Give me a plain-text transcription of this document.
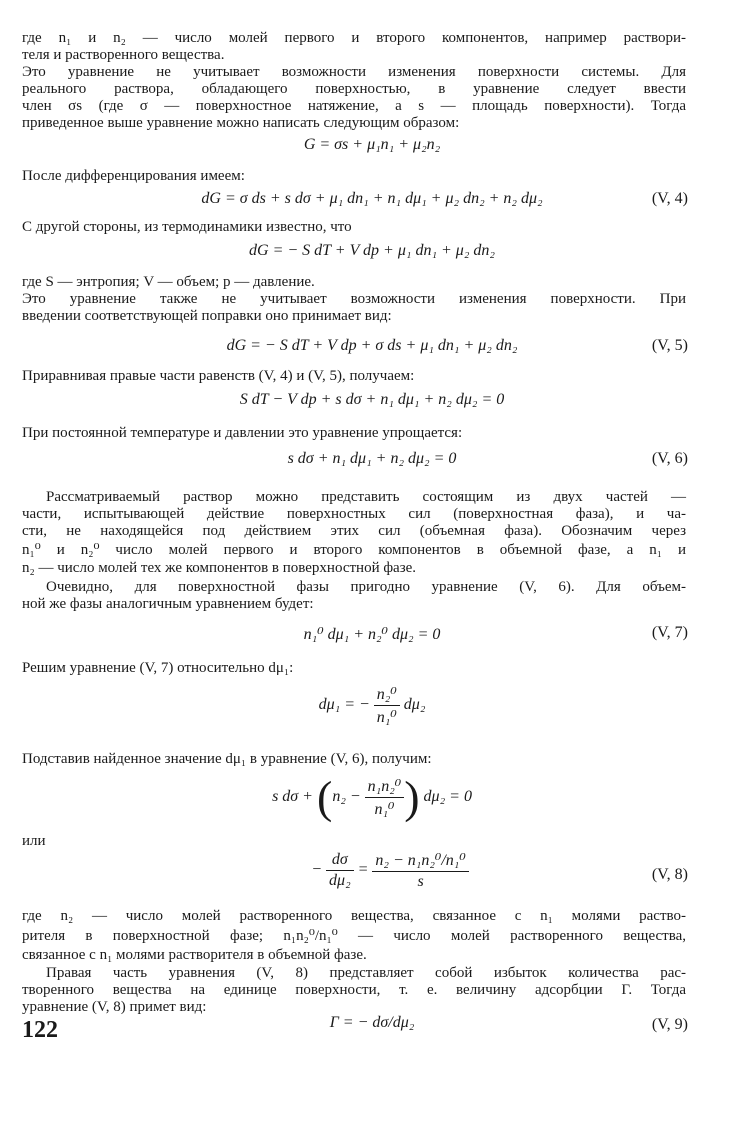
где n₁ и n₂ — число молей первого и второго компонентов, например раствори-
теля и растворенного вещества.
Это уравнение не учитывает возможности изменения поверхности системы. Для
реального раствора, обладающего поверхностью, в уравнение следует ввести
член σs (где σ — поверхностное натяжение, а s — площадь поверхности). Тогда
приведенное выше уравнение можно написать следующим образом:
G = σs + μ₁n₁ + μ₂n₂
После дифференцирования имеем:
dG = σ ds + s dσ + μ₁ dn₁ + n₁ dμ₁ + μ₂ dn₂ + n₂ dμ₂	(V, 4)
С другой стороны, из термодинамики известно, что
dG = − S dT + V dp + μ₁ dn₁ + μ₂ dn₂
где S — энтропия; V — объем; p — давление.
Это уравнение также не учитывает возможности изменения поверхности. При
введении соответствующей поправки оно принимает вид:
dG = − S dT + V dp + σ ds + μ₁ dn₁ + μ₂ dn₂	(V, 5)
Приравнивая правые части равенств (V, 4) и (V, 5), получаем:
S dT − V dp + s dσ + n₁ dμ₁ + n₂ dμ₂ = 0
При постоянной температуре и давлении это уравнение упрощается:
s dσ + n₁ dμ₁ + n₂ dμ₂ = 0	(V, 6)
Рассматриваемый раствор можно представить состоящим из двух частей —
части, испытывающей действие поверхностных сил (поверхностная фаза), и ча-
сти, не находящейся под действием этих сил (объемная фаза). Обозначим через
n₁⁰ и n₂⁰ число молей первого и второго компонентов в объемной фазе, а n₁ и
n₂ — число молей тех же компонентов в поверхностной фазе.
Очевидно, для поверхностной фазы пригодно уравнение (V, 6). Для объем-
ной же фазы аналогичным уравнением будет:
n₁⁰ dμ₁ + n₂⁰ dμ₂ = 0	(V, 7)
Решим уравнение (V, 7) относительно dμ₁:
dμ₁ = − $\frac{\text{n₂⁰}}{\text{n₁⁰}} d\mu_2$
Подставив найденное значение dμ₁ в уравнение (V, 6), получим:
s $d\sigma + (n_2 - \frac{\text{n₁n₂⁰}}{\text{n₁⁰}}$ ) dμ₂ = 0
или
− $\frac{d\sigma}{\text{dμ₂}} = \frac{\text{n₂ − n₁n₂⁰/n₁⁰}}{s}$	(V, 8)
где n₂ — число молей растворенного вещества, связанное с n₁ молями раство-
рителя в поверхностной фазе; n₁n₂⁰/n₁⁰ — число молей растворенного вещества,
связанное с n₁ молями растворителя в объемной фазе.
Правая часть уравнения (V, 8) представляет собой избыток количества рас-
творенного вещества на единице поверхности, т. е. величину адсорбции Г. Тогда
уравнение (V, 8) примет вид:
Г = − dσ/dμ₂	(V, 9)
122
